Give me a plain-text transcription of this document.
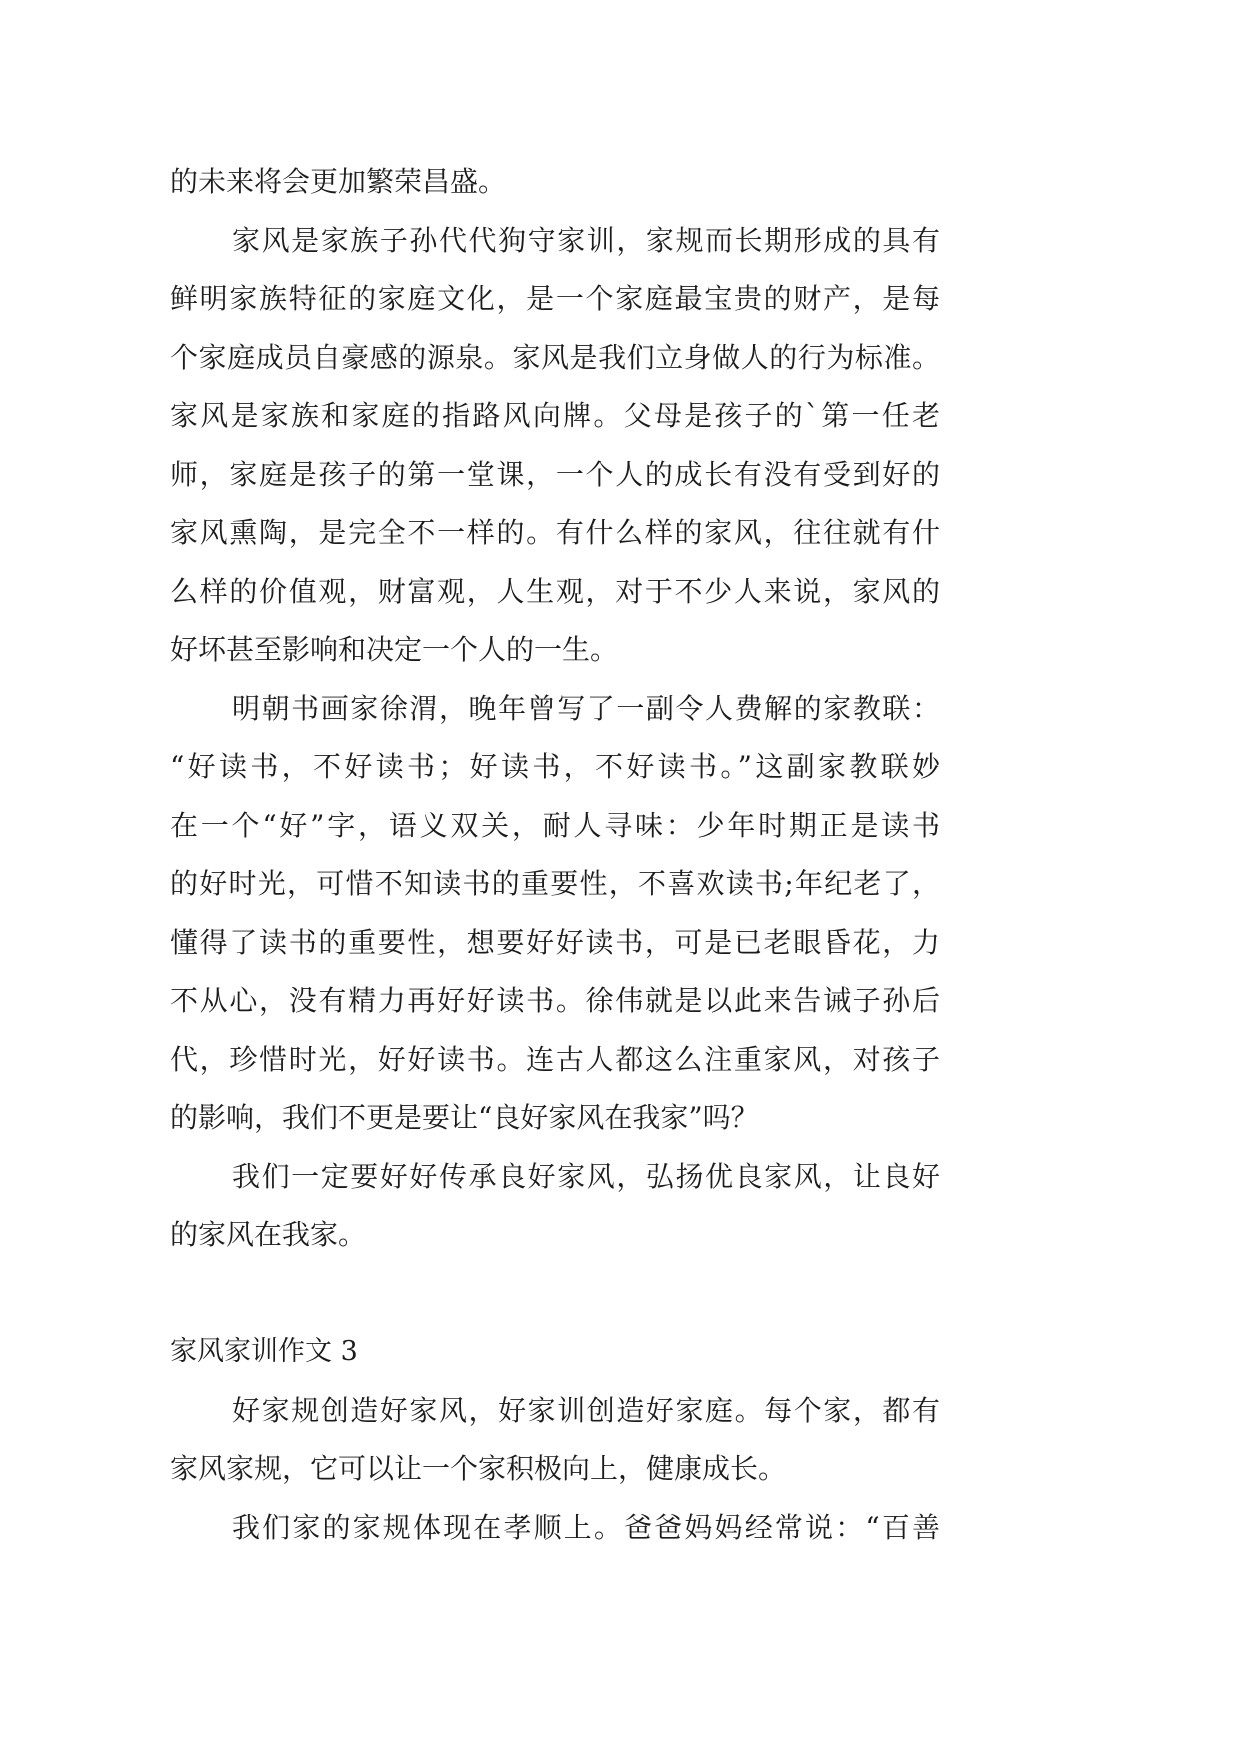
的未来将会更加繁荣昌盛。
家风是家族子孙代代狗守家训，家规而长期形成的具有
鲜明家族特征的家庭文化，是一个家庭最宝贵的财产，是每
个家庭成员自豪感的源泉。家风是我们立身做人的行为标准。
家风是家族和家庭的指路风向牌。父母是孩子的`第一任老
师，家庭是孩子的第一堂课，一个人的成长有没有受到好的
家风熏陶，是完全不一样的。有什么样的家风，往往就有什
么样的价值观，财富观，人生观，对于不少人来说，家风的
好坏甚至影响和决定一个人的一生。
明朝书画家徐渭，晚年曾写了一副令人费解的家教联：
“好读书，不好读书；好读书，不好读书。”这副家教联妙
在一个“好”字，语义双关，耐人寻味：少年时期正是读书
的好时光，可惜不知读书的重要性，不喜欢读书;年纪老了，
懂得了读书的重要性，想要好好读书，可是已老眼昏花，力
不从心，没有精力再好好读书。徐伟就是以此来告诫子孙后
代，珍惜时光，好好读书。连古人都这么注重家风，对孩子
的影响，我们不更是要让“良好家风在我家”吗？
我们一定要好好传承良好家风，弘扬优良家风，让良好
的家风在我家。
家风家训作文 3
好家规创造好家风，好家训创造好家庭。每个家，都有
家风家规，它可以让一个家积极向上，健康成长。
我们家的家规体现在孝顺上。爸爸妈妈经常说：“百善
